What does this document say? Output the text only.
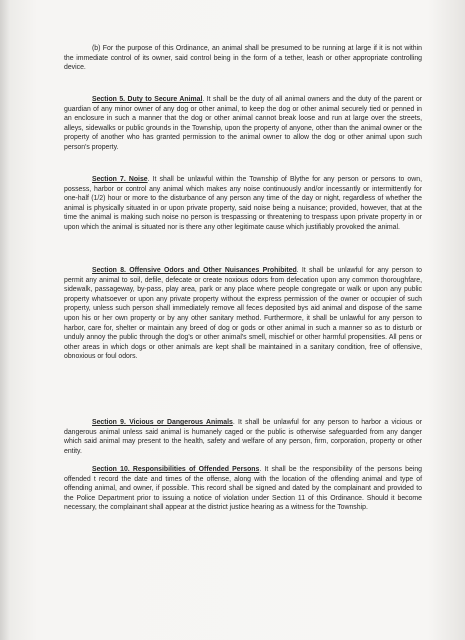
(b) For the purpose of this Ordinance, an animal shall be presumed to be running at large if it is not within the immediate control of its owner, said control being in the form of a tether, leash or other appropriate controlling device.

Section 5. Duty to Secure Animal. It shall be the duty of all animal owners and the duty of the parent or guardian of any minor owner of any dog or other animal, to keep the dog or other animal securely tied or penned in an enclosure in such a manner that the dog or other animal cannot break loose and run at large over the streets, alleys, sidewalks or public grounds in the Township, upon the property of anyone, other than the animal owner or the property of another who has granted permission to the animal owner to allow the dog or other animal upon such person's property.

Section 7. Noise. It shall be unlawful within the Township of Blythe for any person or persons to own, possess, harbor or control any animal which makes any noise continuously and/or incessantly or intermittently for one-half (1/2) hour or more to the disturbance of any person any time of the day or night, regardless of whether the animal is physically situated in or upon private property, said noise being a nuisance; provided, however, that at the time the animal is making such noise no person is trespassing or threatening to trespass upon private property in or upon which the animal is situated nor is there any other legitimate cause which justifiably provoked the animal.

Section 8. Offensive Odors and Other Nuisances Prohibited. It shall be unlawful for any person to permit any animal to soil, defile, defecate or create noxious odors from defecation upon any common thoroughfare, sidewalk, passageway, by-pass, play area, park or any place where people congregate or walk or upon any public property whatsoever or upon any private property without the express permission of the owner or occupier of such property, unless such person shall immediately remove all feces deposited bys aid animal and dispose of the same upon his or her own property or by any other sanitary method. Furthermore, it shall be unlawful for any person to harbor, care for, shelter or maintain any breed of dog or gods or other animal in such a manner so as to disturb or unduly annoy the public through the dog's or other animal's smell, mischief or other harmful propensities. All pens or other areas in which dogs or other animals are kept shall be maintained in a sanitary condition, free of offensive, obnoxious or foul odors.

Section 9. Vicious or Dangerous Animals. It shall be unlawful for any person to harbor a vicious or dangerous animal unless said animal is humanely caged or the public is otherwise safeguarded from any danger which said animal may present to the health, safety and welfare of any person, firm, corporation, property or other entity.

Section 10. Responsibilities of Offended Persons. It shall be the responsibility of the persons being offended t record the date and times of the offense, along with the location of the offending animal and type of offending animal, and owner, if possible. This record shall be signed and dated by the complainant and provided to the Police Department prior to issuing a notice of violation under Section 11 of this Ordinance. Should it become necessary, the complainant shall appear at the district justice hearing as a witness for the Township.
